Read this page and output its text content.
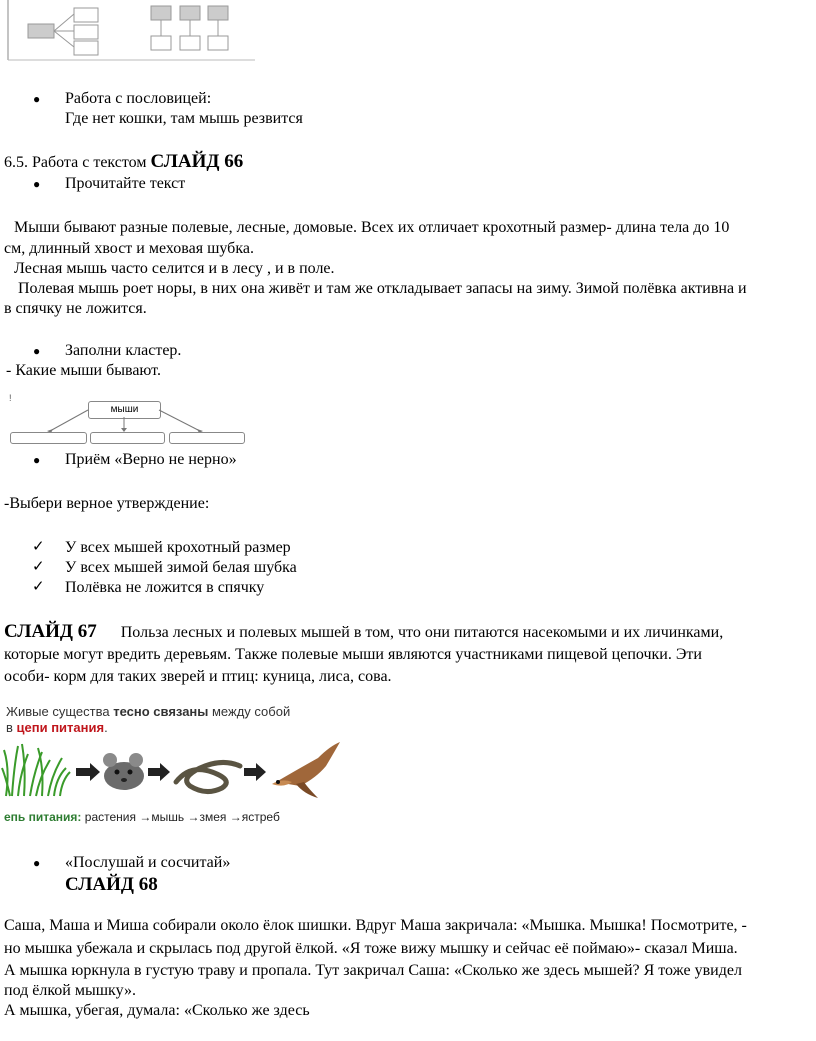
● Работа с пословицей:
Где нет кошки, там мышь резвится
6.5. Работа с текстом СЛАЙД 66
● Прочитайте текст
Мыши бывают разные полевые, лесные, домовые. Всех их отличает крохотный размер- длина тела до 10
см, длинный хвост и меховая шубка.
Лесная мышь часто селится и в лесу , и в поле.
Полевая мышь роет норы, в них она живёт и там же откладывает запасы на зиму. Зимой полёвка активна и
в спячку не ложится.
● Заполни кластер.
- Какие мыши бывают.
!
мыши
● Приём «Верно не нерно»
-Выбери верное утверждение:
✓ У всех мышей крохотный размер
✓ У всех мышей зимой белая шубка
✓ Полёвка не ложится в спячку
СЛАЙД 67 Польза лесных и полевых мышей в том, что они питаются насекомыми и их личинками,
которые могут вредить деревьям. Также полевые мыши являются участниками пищевой цепочки. Эти
особи- корм для таких зверей и птиц: куница, лиса, сова.
Живые существа тесно связаны между собой
в цепи питания.
епь питания: растения →мышь →змея →ястреб
● «Послушай и сосчитай»
СЛАЙД 68
Саша, Маша и Миша собирали около ёлок шишки. Вдруг Маша закричала: «Мышка. Мышка! Посмотрите, -
но мышка убежала и скрылась под другой ёлкой. «Я тоже вижу мышку и сейчас её поймаю»- сказал Миша.
А мышка юркнула в густую траву и пропала. Тут закричал Саша: «Сколько же здесь мышей? Я тоже увидел
под ёлкой мышку».
А мышка, убегая, думала: «Сколько же здесь
